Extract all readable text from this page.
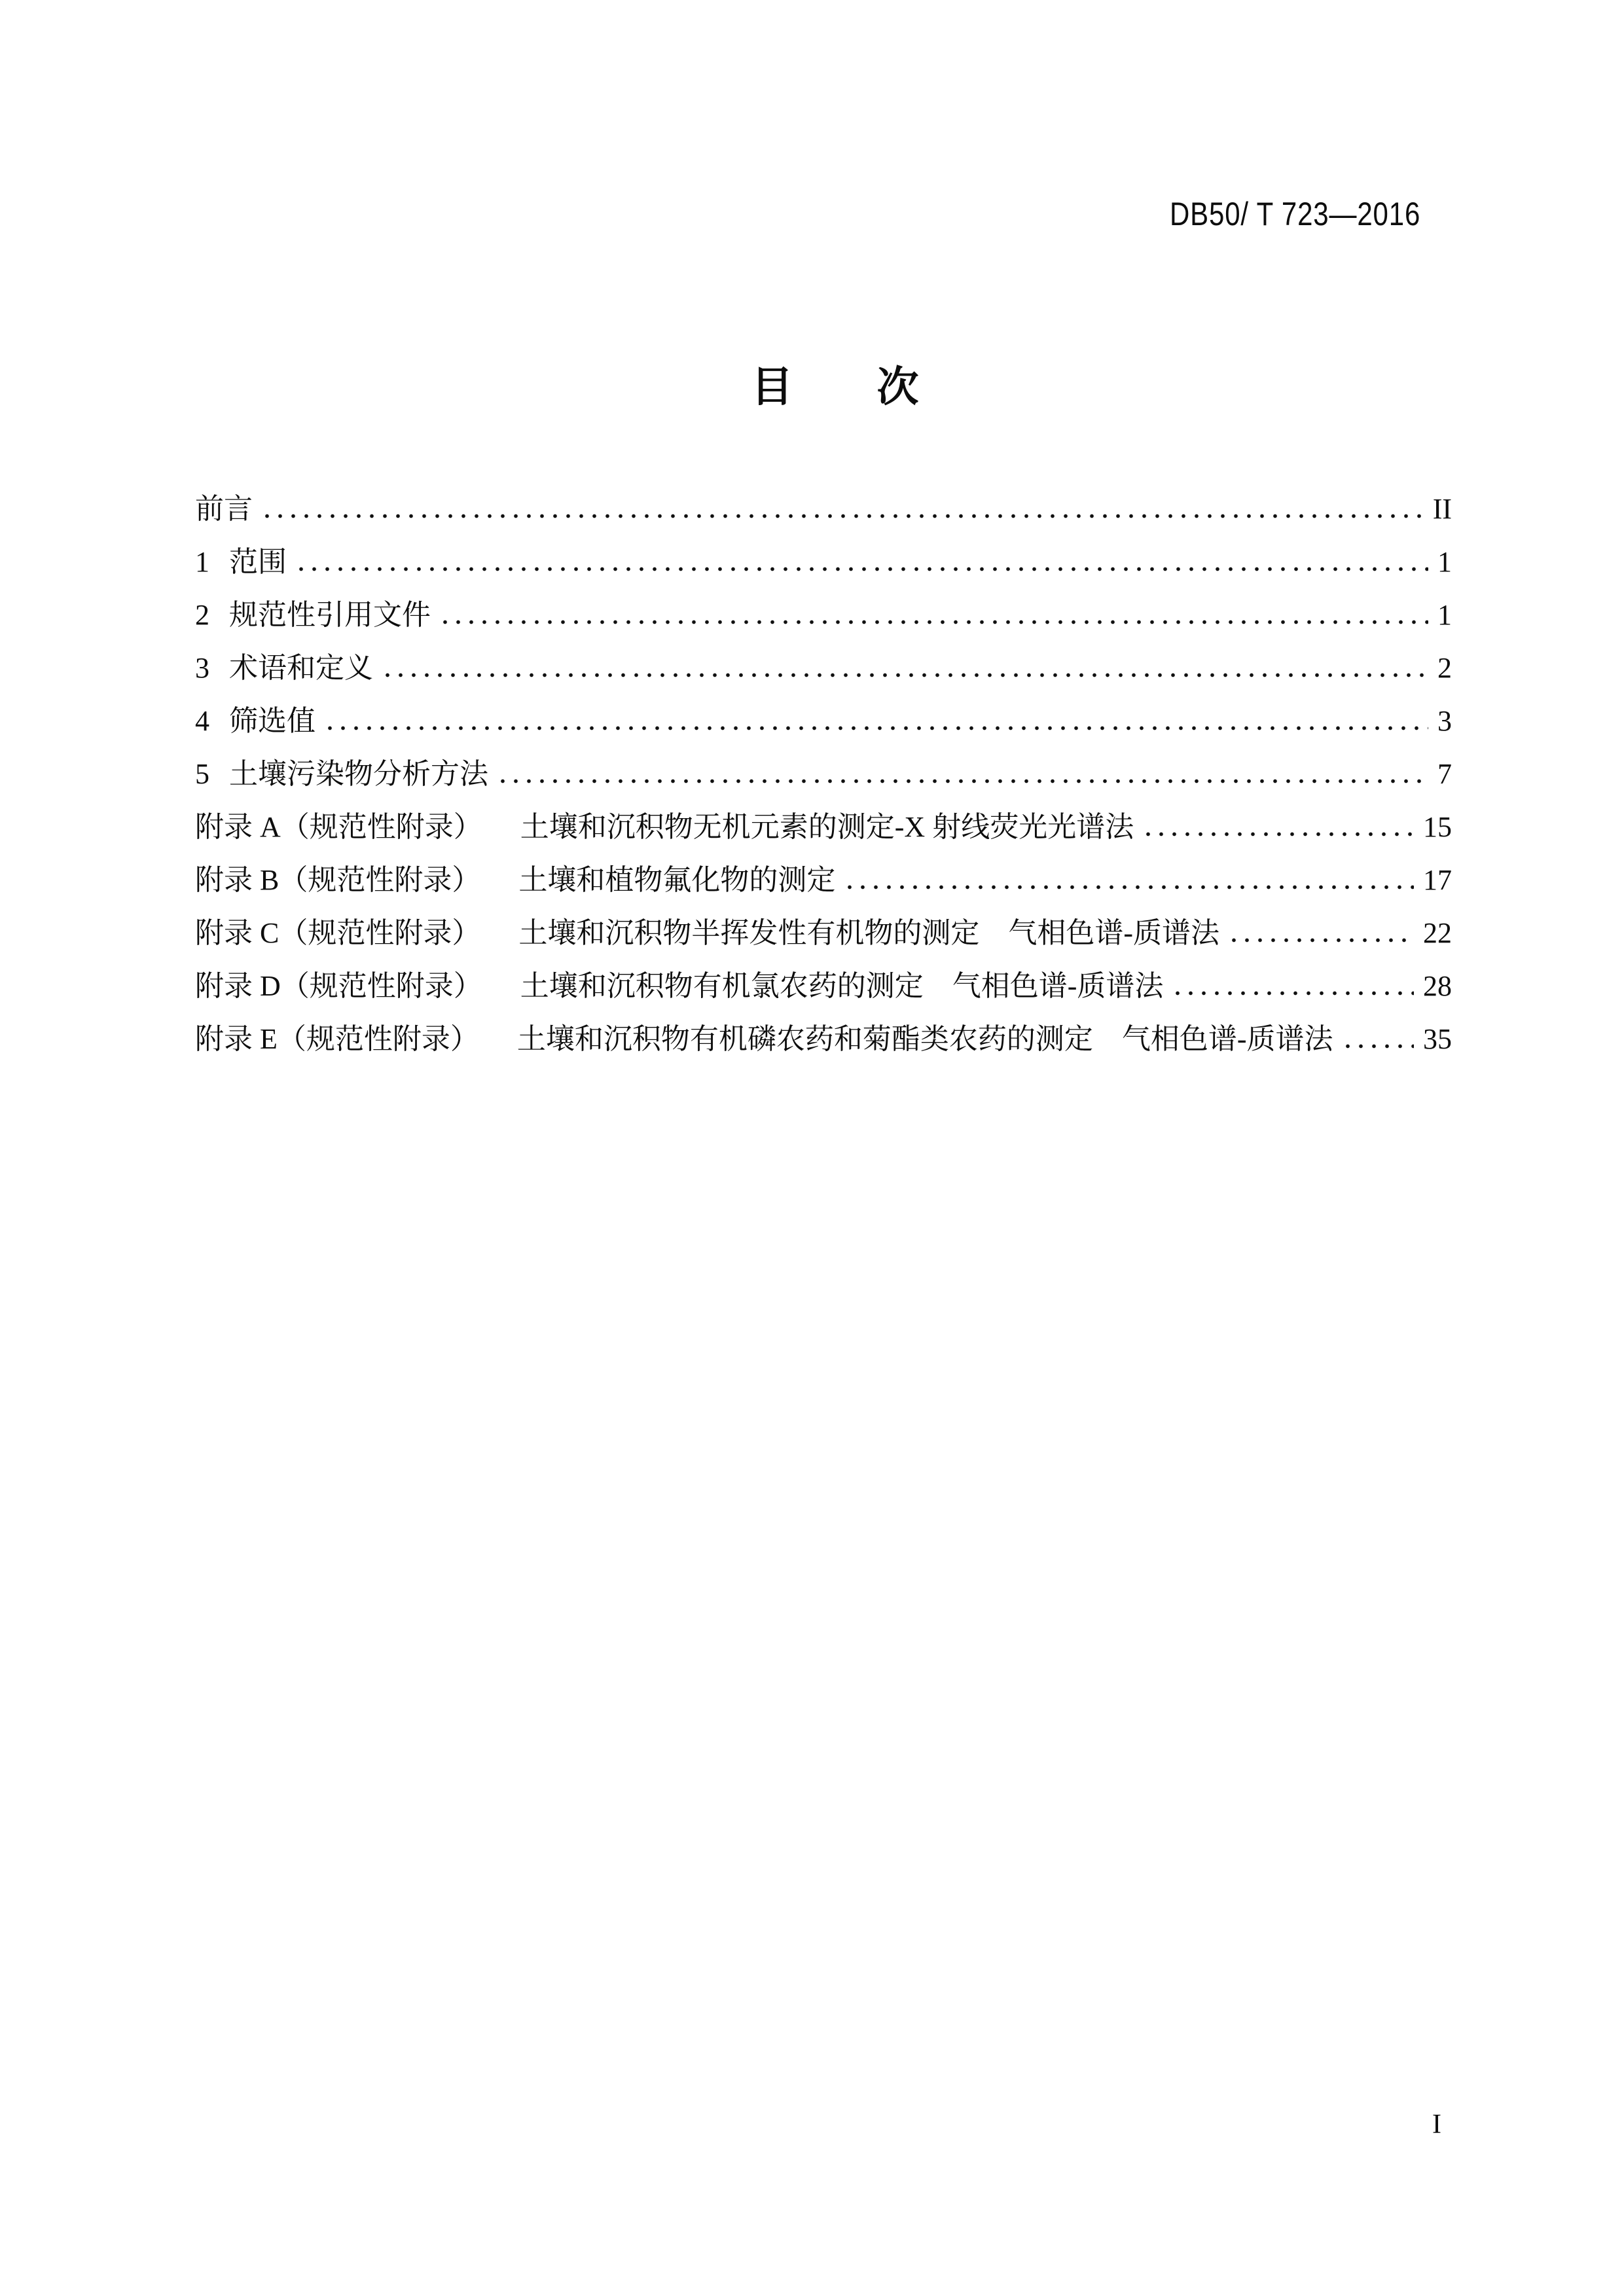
DB50/ T 723—2016
目　　次
前言	II
1 范围	1
2 规范性引用文件	1
3 术语和定义	2
4 筛选值	3
5 土壤污染物分析方法	7
附录 A（规范性附录） 土壤和沉积物无机元素的测定-X 射线荧光光谱法	15
附录 B（规范性附录） 土壤和植物氟化物的测定	17
附录 C（规范性附录） 土壤和沉积物半挥发性有机物的测定　气相色谱-质谱法	22
附录 D（规范性附录） 土壤和沉积物有机氯农药的测定　气相色谱-质谱法	28
附录 E（规范性附录） 土壤和沉积物有机磷农药和菊酯类农药的测定　气相色谱-质谱法	35
I
